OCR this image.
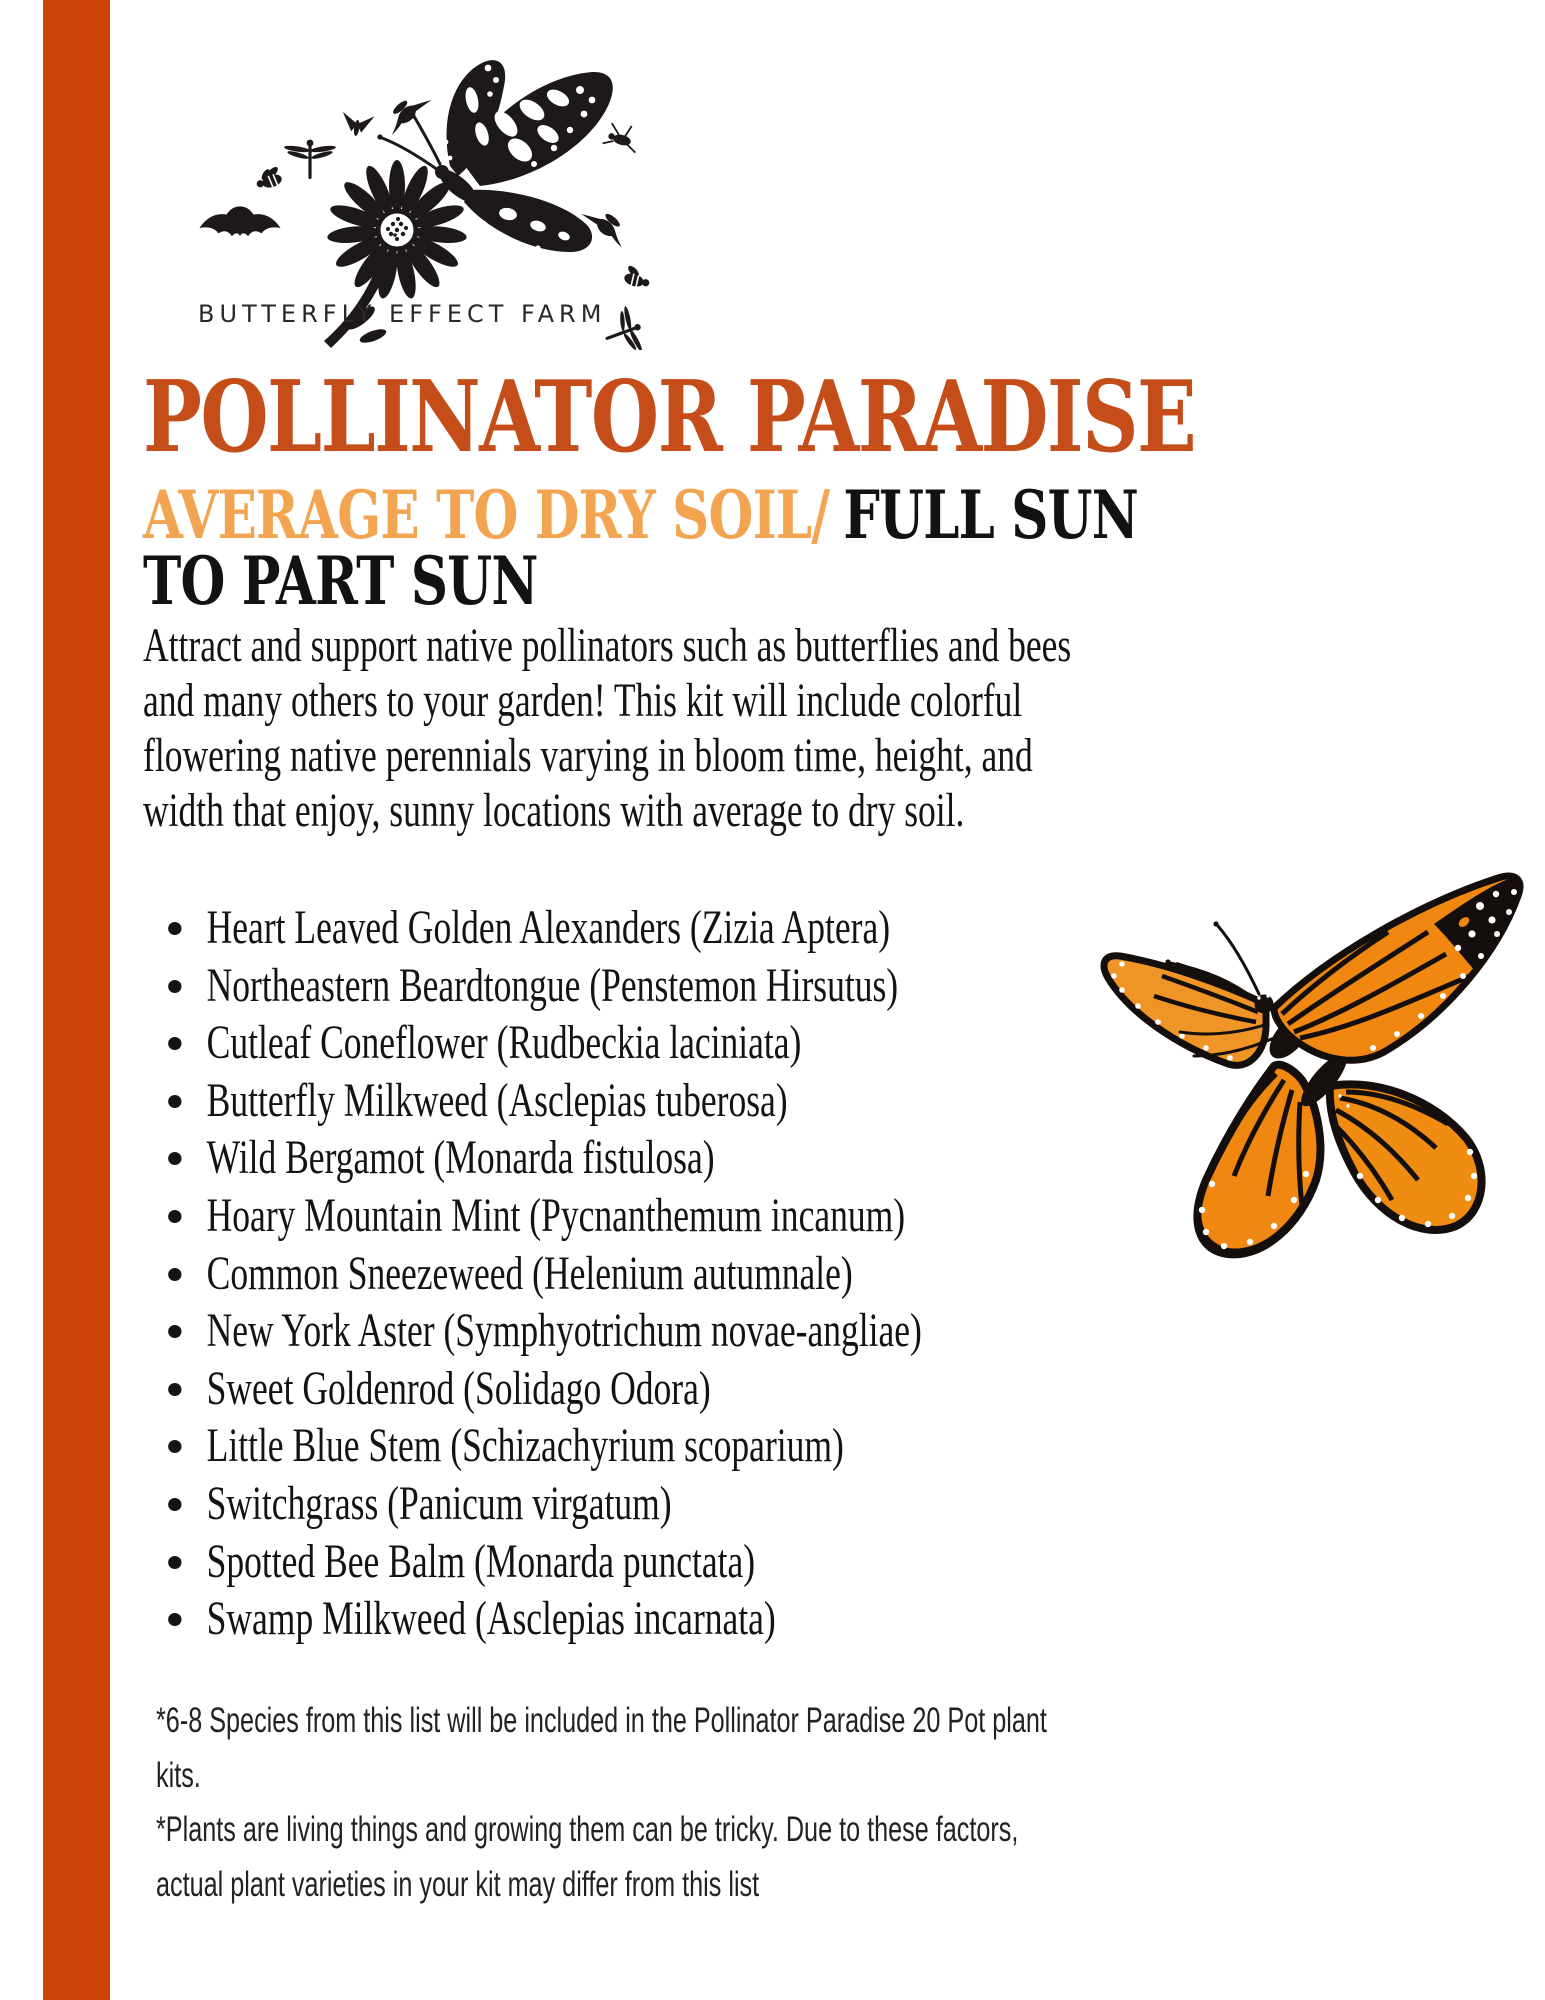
BUTTERFLY EFFECT FARM
POLLINATOR PARADISE
AVERAGE TO DRY SOIL/ FULL SUN
TO PART SUN

Attract and support native pollinators such as butterflies and bees and many others to your garden! This kit will include colorful flowering native perennials varying in bloom time, height, and width that enjoy, sunny locations with average to dry soil.

Heart Leaved Golden Alexanders (Zizia Aptera)
Northeastern Beardtongue (Penstemon Hirsutus)
Cutleaf Coneflower (Rudbeckia laciniata)
Butterfly Milkweed (Asclepias tuberosa)
Wild Bergamot (Monarda fistulosa)
Hoary Mountain Mint (Pycnanthemum incanum)
Common Sneezeweed (Helenium autumnale)
New York Aster (Symphyotrichum novae-angliae)
Sweet Goldenrod (Solidago Odora)
Little Blue Stem (Schizachyrium scoparium)
Switchgrass (Panicum virgatum)
Spotted Bee Balm (Monarda punctata)
Swamp Milkweed (Asclepias incarnata)

*6-8 Species from this list will be included in the Pollinator Paradise 20 Pot plant kits.

*Plants are living things and growing them can be tricky. Due to these factors, actual plant varieties in your kit may differ from this list
